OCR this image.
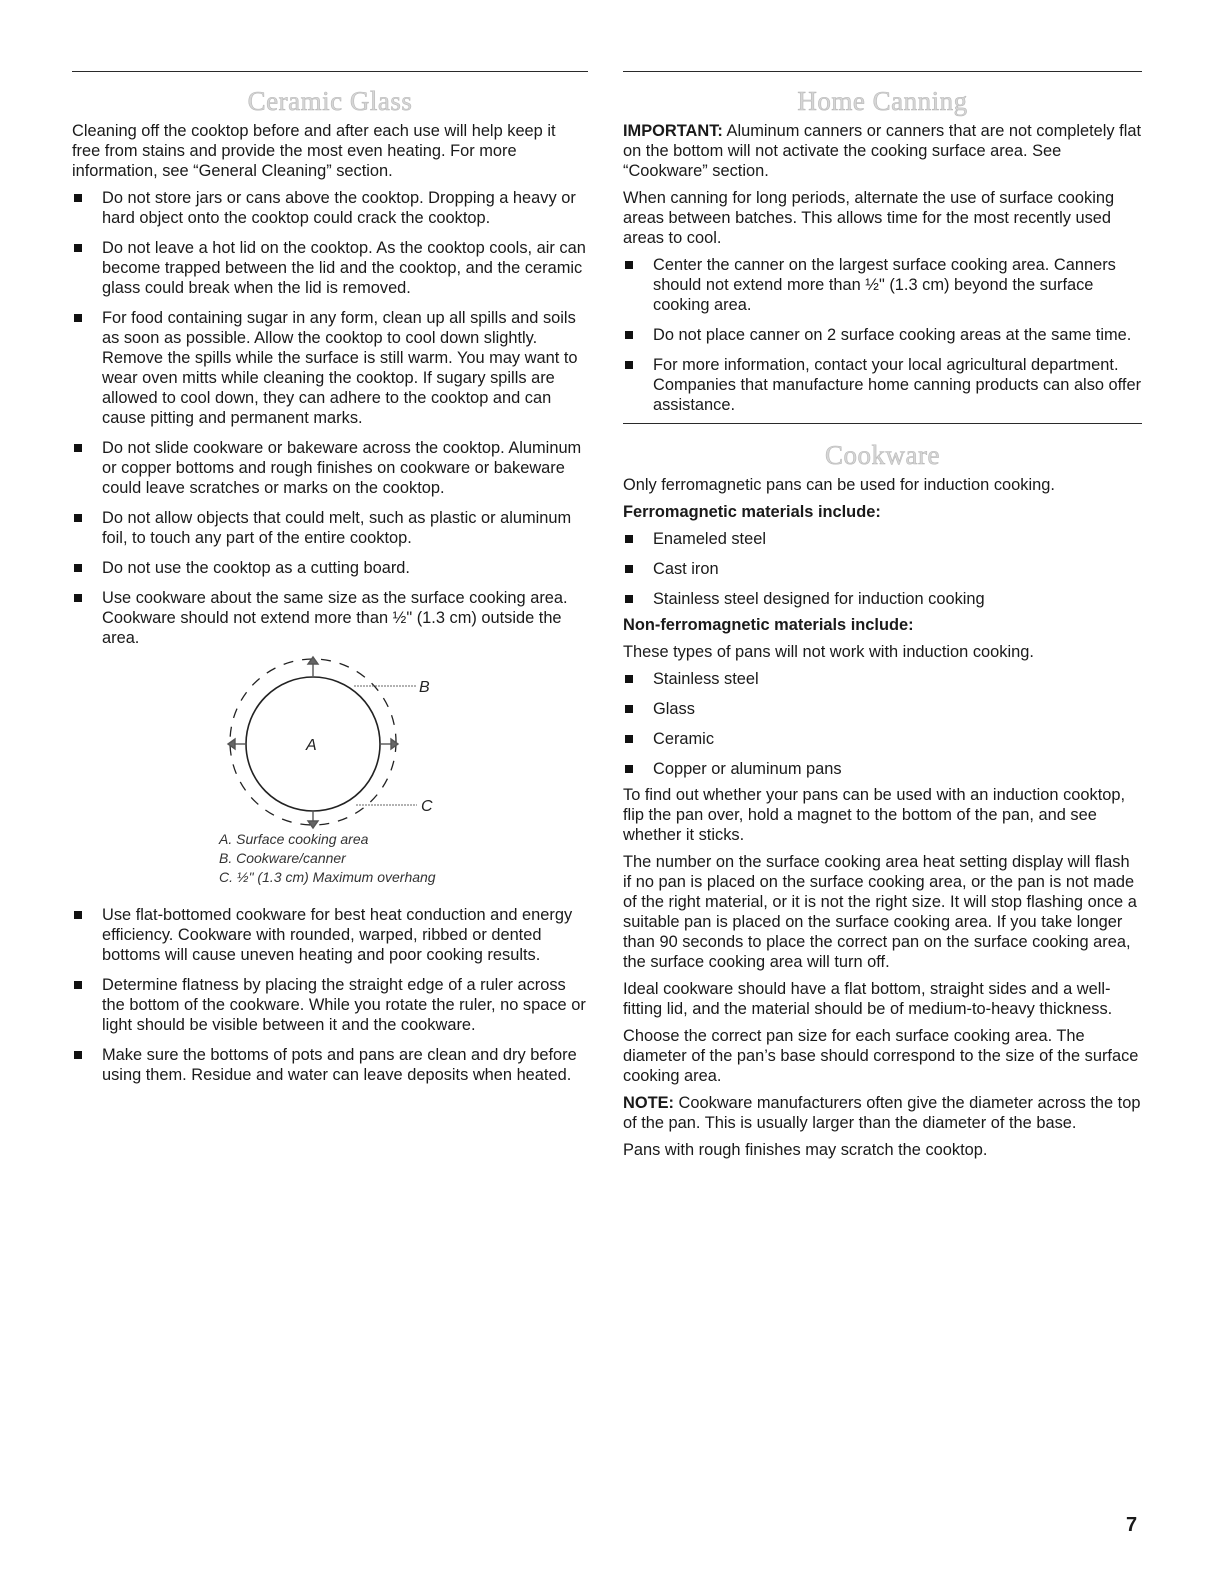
Ceramic Glass

Cleaning off the cooktop before and after each use will help keep it free from stains and provide the most even heating. For more information, see “General Cleaning” section.

Do not store jars or cans above the cooktop. Dropping a heavy or hard object onto the cooktop could crack the cooktop.
Do not leave a hot lid on the cooktop. As the cooktop cools, air can become trapped between the lid and the cooktop, and the ceramic glass could break when the lid is removed.
For food containing sugar in any form, clean up all spills and soils as soon as possible. Allow the cooktop to cool down slightly. Remove the spills while the surface is still warm. You may want to wear oven mitts while cleaning the cooktop. If sugary spills are allowed to cool down, they can adhere to the cooktop and can cause pitting and permanent marks.
Do not slide cookware or bakeware across the cooktop. Aluminum or copper bottoms and rough finishes on cookware or bakeware could leave scratches or marks on the cooktop.
Do not allow objects that could melt, such as plastic or aluminum foil, to touch any part of the entire cooktop.
Do not use the cooktop as a cutting board.
Use cookware about the same size as the surface cooking area. Cookware should not extend more than ½" (1.3 cm) outside the area.
A
B
C
A. Surface cooking area
B. Cookware/canner
C. ½" (1.3 cm) Maximum overhang
Use flat-bottomed cookware for best heat conduction and energy efficiency. Cookware with rounded, warped, ribbed or dented bottoms will cause uneven heating and poor cooking results.
Determine flatness by placing the straight edge of a ruler across the bottom of the cookware. While you rotate the ruler, no space or light should be visible between it and the cookware.
Make sure the bottoms of pots and pans are clean and dry before using them. Residue and water can leave deposits when heated.
Home Canning

IMPORTANT: Aluminum canners or canners that are not completely flat on the bottom will not activate the cooking surface area. See “Cookware” section.

When canning for long periods, alternate the use of surface cooking areas between batches. This allows time for the most recently used areas to cool.

Center the canner on the largest surface cooking area. Canners should not extend more than ½" (1.3 cm) beyond the surface cooking area.
Do not place canner on 2 surface cooking areas at the same time.
For more information, contact your local agricultural department. Companies that manufacture home canning products can also offer assistance.
Cookware

Only ferromagnetic pans can be used for induction cooking.

Ferromagnetic materials include:
Enameled steel
Cast iron
Stainless steel designed for induction cooking
Non-ferromagnetic materials include:

These types of pans will not work with induction cooking.

Stainless steel
Glass
Ceramic
Copper or aluminum pans

To find out whether your pans can be used with an induction cooktop, flip the pan over, hold a magnet to the bottom of the pan, and see whether it sticks.

The number on the surface cooking area heat setting display will flash if no pan is placed on the surface cooking area, or the pan is not made of the right material, or it is not the right size. It will stop flashing once a suitable pan is placed on the surface cooking area. If you take longer than 90 seconds to place the correct pan on the surface cooking area, the surface cooking area will turn off.

Ideal cookware should have a flat bottom, straight sides and a well-fitting lid, and the material should be of medium-to-heavy thickness.

Choose the correct pan size for each surface cooking area. The diameter of the pan’s base should correspond to the size of the surface cooking area.

NOTE: Cookware manufacturers often give the diameter across the top of the pan. This is usually larger than the diameter of the base.

Pans with rough finishes may scratch the cooktop.

7
